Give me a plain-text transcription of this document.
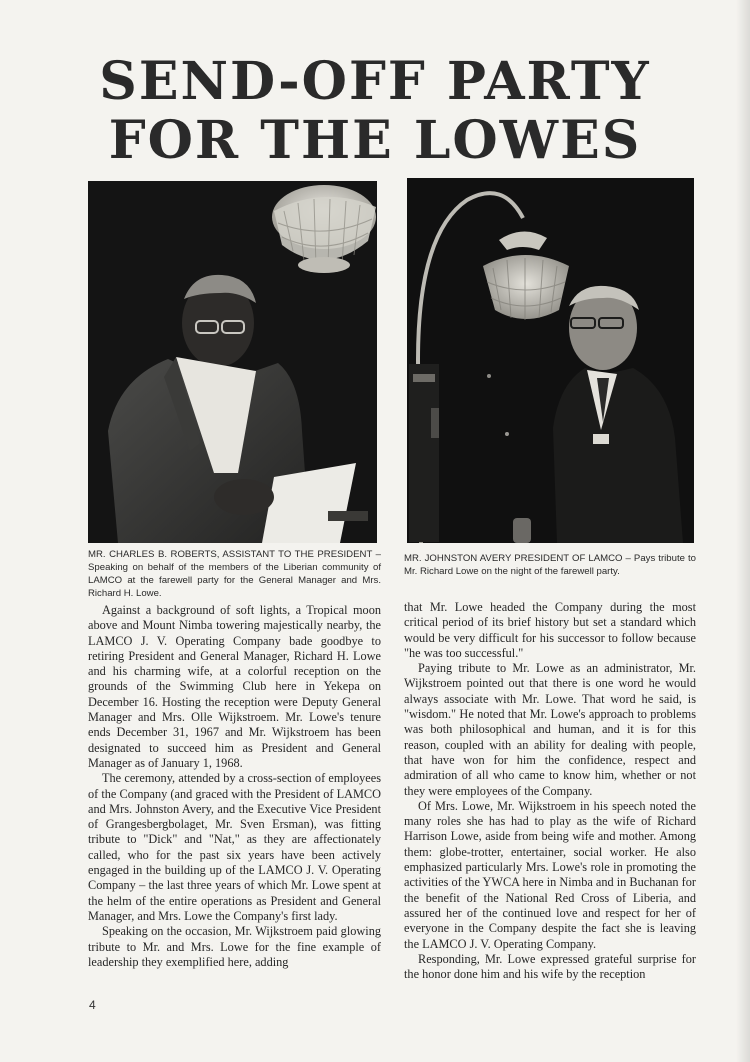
SEND-OFF PARTY
FOR THE LOWES
MR. CHARLES B. ROBERTS, ASSISTANT TO THE PRESIDENT – Speaking on behalf of the members of the Liberian community of LAMCO at the farewell party for the General Manager and Mrs. Richard H. Lowe.
MR. JOHNSTON AVERY PRESIDENT OF LAMCO – Pays tribute to Mr. Richard Lowe on the night of the farewell party.

Against a background of soft lights, a Tropical moon above and Mount Nimba towering majestically nearby, the LAMCO J. V. Operating Company bade goodbye to retiring President and General Manager, Richard H. Lowe and his charming wife, at a colorful reception on the grounds of the Swimming Club here in Yekepa on December 16. Hosting the reception were Deputy General Manager and Mrs. Olle Wijkstroem. Mr. Lowe's tenure ends December 31, 1967 and Mr. Wijkstroem has been designated to succeed him as President and General Manager as of January 1, 1968.

The ceremony, attended by a cross-section of employees of the Company (and graced with the President of LAMCO and Mrs. Johnston Avery, and the Executive Vice President of Grangesbergbolaget, Mr. Sven Ersman), was fitting tribute to "Dick" and "Nat," as they are affectionately called, who for the past six years have been actively engaged in the building up of the LAMCO J. V. Operating Company – the last three years of which Mr. Lowe spent at the helm of the entire operations as President and General Manager, and Mrs. Lowe the Company's first lady.

Speaking on the occasion, Mr. Wijkstroem paid glowing tribute to Mr. and Mrs. Lowe for the fine example of leadership they exemplified here, adding

that Mr. Lowe headed the Company during the most critical period of its brief history but set a standard which would be very difficult for his successor to follow because "he was too successful."

Paying tribute to Mr. Lowe as an administrator, Mr. Wijkstroem pointed out that there is one word he would always associate with Mr. Lowe. That word he said, is "wisdom." He noted that Mr. Lowe's approach to problems was both philosophical and human, and it is for this reason, coupled with an ability for dealing with people, that have won for him the confidence, respect and admiration of all who came to know him, whether or not they were employees of the Company.

Of Mrs. Lowe, Mr. Wijkstroem in his speech noted the many roles she has had to play as the wife of Richard Harrison Lowe, aside from being wife and mother. Among them: globe-trotter, entertainer, social worker. He also emphasized particularly Mrs. Lowe's role in promoting the activities of the YWCA here in Nimba and in Buchanan for the benefit of the National Red Cross of Liberia, and assured her of the continued love and respect for her of everyone in the Company despite the fact she is leaving the LAMCO J. V. Operating Company.

Responding, Mr. Lowe expressed grateful surprise for the honor done him and his wife by the reception

4
